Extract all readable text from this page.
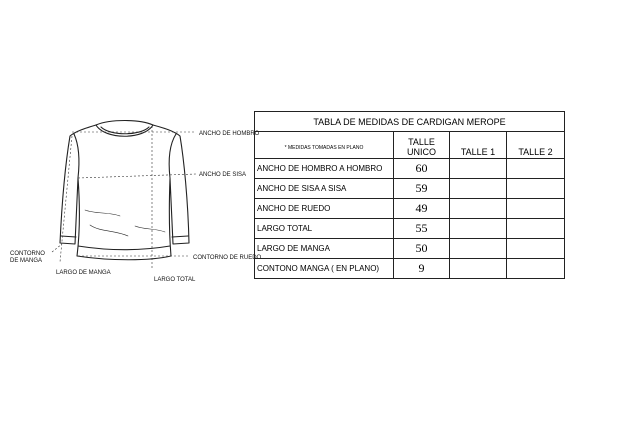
ANCHO DE HOMBRO
ANCHO DE SISA
CONTORNO DE MANGA	CONTORNO DE RUEDO
LARGO DE MANGA
LARGO TOTAL
TABLA DE MEDIDAS DE CARDIGAN MEROPE			
* MEDIDAS TOMADAS EN PLANO	TALLE UNICO	TALLE 1	TALLE 2
ANCHO DE HOMBRO A HOMBRO	60		
ANCHO DE SISA A SISA	59		
ANCHO DE RUEDO	49		
LARGO TOTAL	55		
LARGO DE MANGA	50		
CONTONO MANGA ( EN PLANO)	9		
